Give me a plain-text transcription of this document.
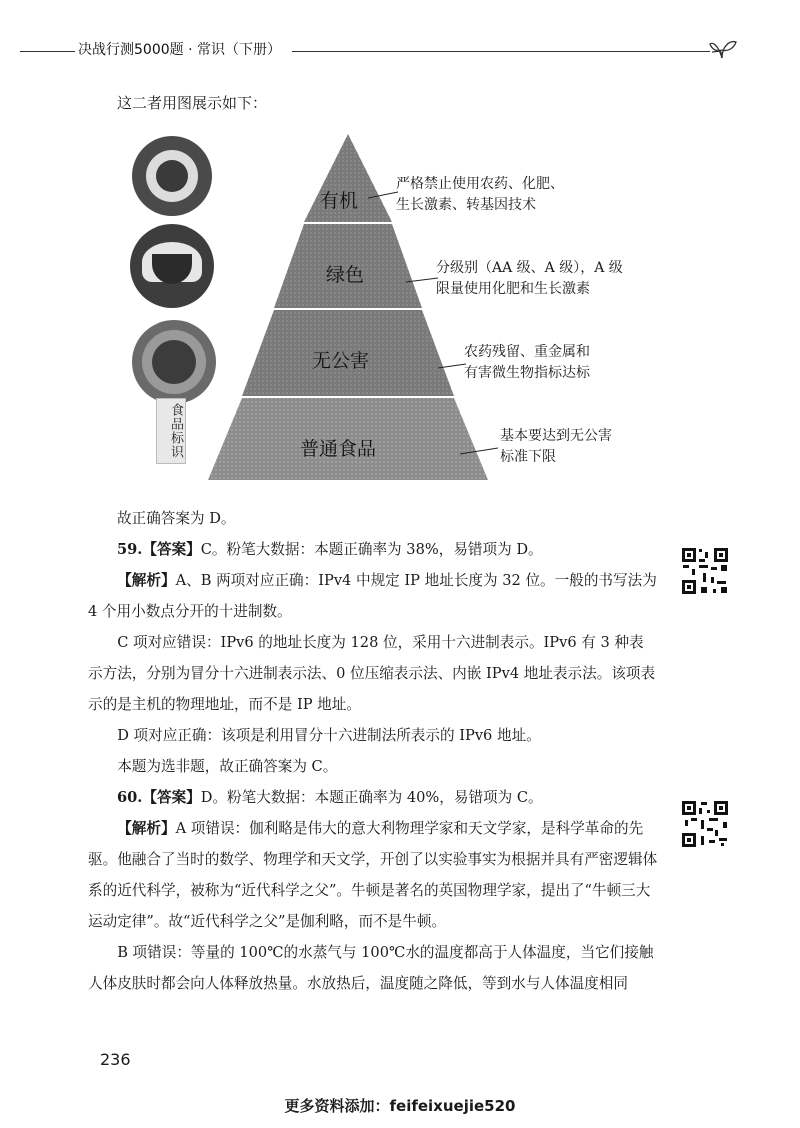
决战行测5000题 · 常识（下册）
这二者用图展示如下：
食品标识
有机
绿色
无公害
普通食品
严格禁止使用农药、化肥、
生长激素、转基因技术
分级别（AA 级、A 级），A 级
限量使用化肥和生长激素
农药残留、重金属和
有害微生物指标达标
基本要达到无公害
标准下限
故正确答案为 D。
59.【答案】C。粉笔大数据：本题正确率为 38%，易错项为 D。
【解析】A、B 两项对应正确：IPv4 中规定 IP 地址长度为 32 位。一般的书写法为 4 个用小数点分开的十进制数。
C 项对应错误：IPv6 的地址长度为 128 位，采用十六进制表示。IPv6 有 3 种表示方法，分别为冒分十六进制表示法、0 位压缩表示法、内嵌 IPv4 地址表示法。该项表示的是主机的物理地址，而不是 IP 地址。
D 项对应正确：该项是利用冒分十六进制法所表示的 IPv6 地址。
本题为选非题，故正确答案为 C。
60.【答案】D。粉笔大数据：本题正确率为 40%，易错项为 C。
【解析】A 项错误：伽利略是伟大的意大利物理学家和天文学家，是科学革命的先驱。他融合了当时的数学、物理学和天文学，开创了以实验事实为根据并具有严密逻辑体系的近代科学，被称为“近代科学之父”。牛顿是著名的英国物理学家，提出了“牛顿三大运动定律”。故“近代科学之父”是伽利略，而不是牛顿。
B 项错误：等量的 100℃的水蒸气与 100℃水的温度都高于人体温度，当它们接触人体皮肤时都会向人体释放热量。水放热后，温度随之降低，等到水与人体温度相同
236
更多资料添加：feifeixuejie520
